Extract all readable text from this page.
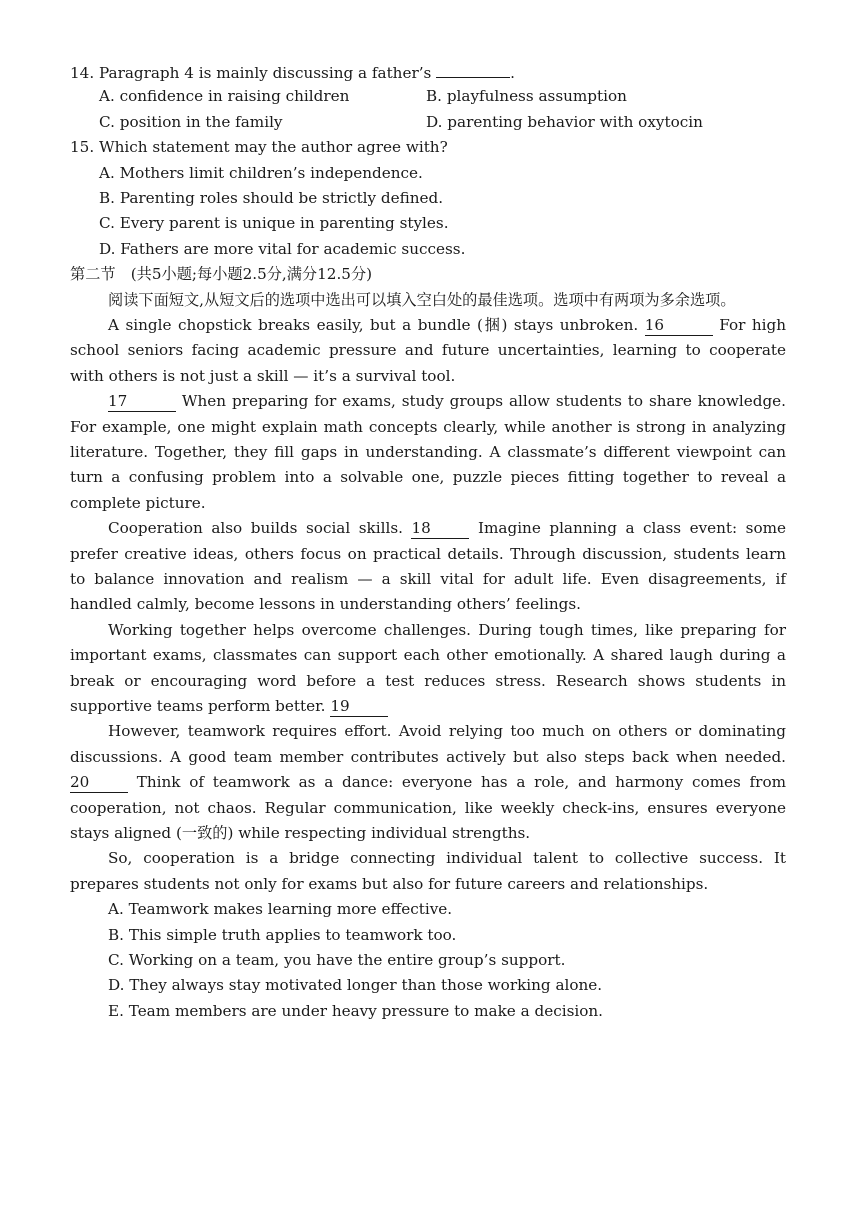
14. Paragraph 4 is mainly discussing a father’s	.
A. confidence in raising children	B. playfulness assumption
C. position in the family	D. parenting behavior with oxytocin
15. Which statement may the author agree with?
A. Mothers limit children’s independence.
B. Parenting roles should be strictly defined.
C. Every parent is unique in parenting styles.
D. Fathers are more vital for academic success.
第二节　(共5小题;每小题2.5分,满分12.5分)
阅读下面短文,从短文后的选项中选出可以填入空白处的最佳选项。选项中有两项为多余选项。
A single chopstick breaks easily, but a bundle (捆) stays unbroken. 16	For high school seniors facing academic pressure and future uncertainties, learning to cooperate with others is not just a skill — it’s a survival tool.
17	When preparing for exams, study groups allow students to share knowledge. For example, one might explain math concepts clearly, while another is strong in analyzing literature. Together, they fill gaps in understanding. A classmate’s different viewpoint can turn a confusing problem into a solvable one, puzzle pieces fitting together to reveal a complete picture.
Cooperation also builds social skills. 18	Imagine planning a class event: some prefer creative ideas, others focus on practical details. Through discussion, students learn to balance innovation and realism — a skill vital for adult life. Even disagreements, if handled calmly, become lessons in understanding others’ feelings.
Working together helps overcome challenges. During tough times, like preparing for important exams, classmates can support each other emotionally. A shared laugh during a break or encouraging word before a test reduces stress. Research shows students in supportive teams perform better. 19
However, teamwork requires effort. Avoid relying too much on others or dominating discussions. A good team member contributes actively but also steps back when needed. 20	Think of teamwork as a dance: everyone has a role, and harmony comes from cooperation, not chaos. Regular communication, like weekly check-ins, ensures everyone stays aligned (一致的) while respecting individual strengths.
So, cooperation is a bridge connecting individual talent to collective success. It prepares students not only for exams but also for future careers and relationships.
A. Teamwork makes learning more effective.
B. This simple truth applies to teamwork too.
C. Working on a team, you have the entire group’s support.
D. They always stay motivated longer than those working alone.
E. Team members are under heavy pressure to make a decision.
